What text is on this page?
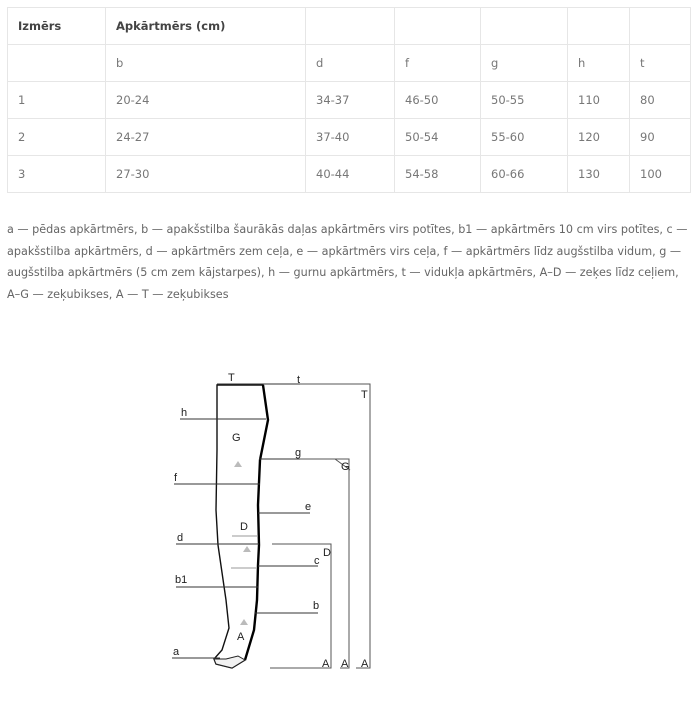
Izmērs	Apkārtmērs (cm)					
	b	d	f	g	h	t
1	20-24	34-37	46-50	50-55	110	80
2	24-27	37-40	50-54	55-60	120	90
3	27-30	40-44	54-58	60-66	130	100

a — pēdas apkārtmērs, b — apakšstilba šaurākās daļas apkārtmērs virs potītes, b1 — apkārtmērs 10 cm virs potītes, c — apakšstilba apkārtmērs, d — apkārtmērs zem ceļa, e — apkārtmērs virs ceļa, f — apkārtmērs līdz augšstilba vidum, g — augšstilba apkārtmērs (5 cm zem kājstarpes), h — gurnu apkārtmērs, t — vidukļa apkārtmērs, A–D — zeķes līdz ceļiem, A–G — zeķubikses, A — T — zeķubikses

T	t
h
g
f
e
d
c
b1
b
a
G
D
A
T
G
D
A A A
